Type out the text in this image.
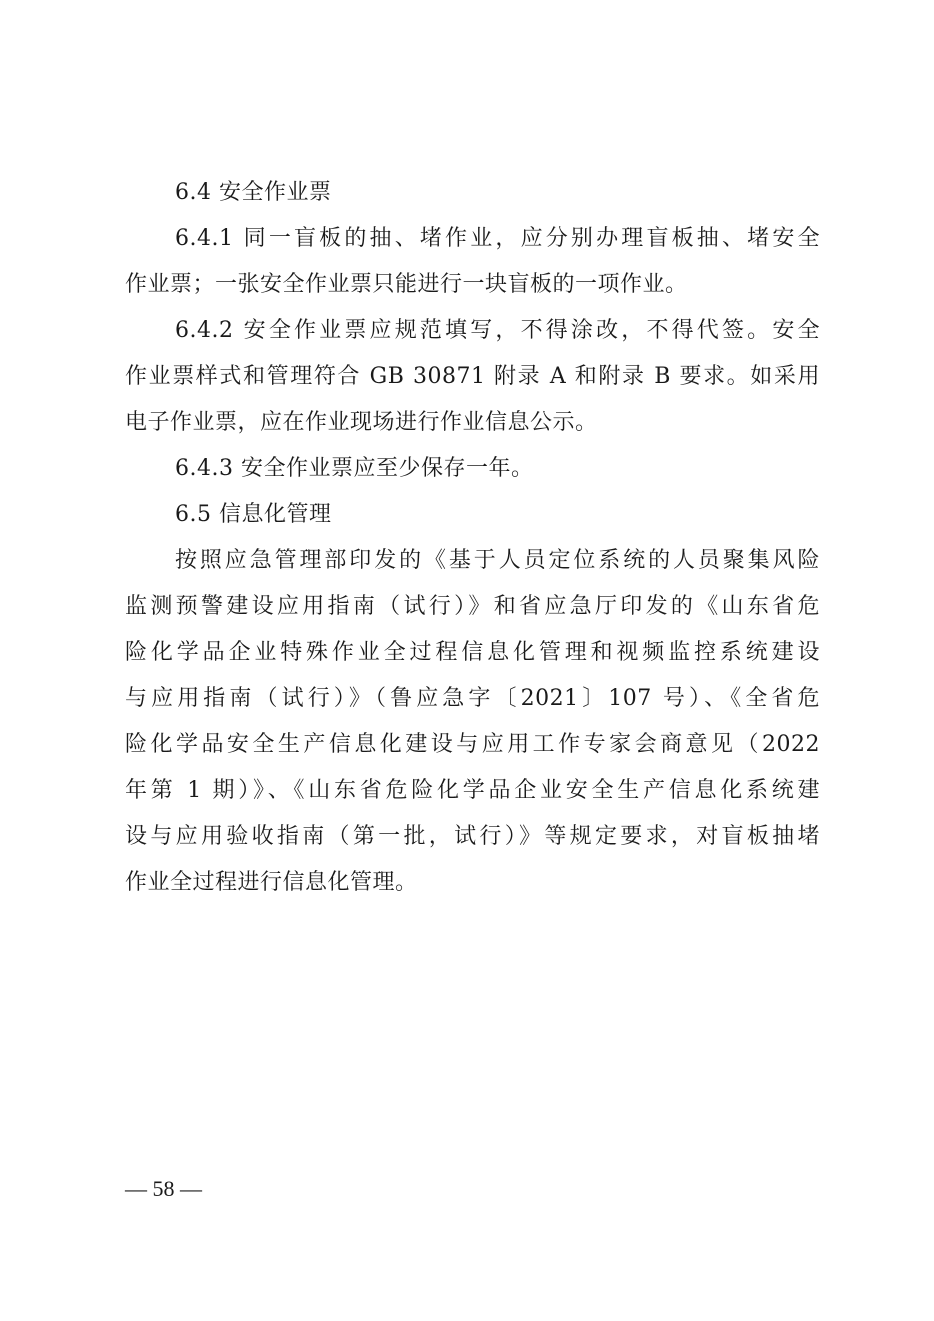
6.4 安全作业票
6.4.1 同一盲板的抽、堵作业，应分别办理盲板抽、堵安全
作业票；一张安全作业票只能进行一块盲板的一项作业。
6.4.2 安全作业票应规范填写，不得涂改，不得代签。安全
作业票样式和管理符合 GB 30871 附录 A 和附录 B 要求。如采用
电子作业票，应在作业现场进行作业信息公示。
6.4.3 安全作业票应至少保存一年。
6.5 信息化管理
按照应急管理部印发的《基于人员定位系统的人员聚集风险
监测预警建设应用指南（试行）》和省应急厅印发的《山东省危
险化学品企业特殊作业全过程信息化管理和视频监控系统建设
与应用指南（试行）》（鲁应急字〔2021〕107 号）、《全省危
险化学品安全生产信息化建设与应用工作专家会商意见（2022
年第 1 期）》、《山东省危险化学品企业安全生产信息化系统建
设与应用验收指南（第一批，试行）》等规定要求，对盲板抽堵
作业全过程进行信息化管理。
— 58 —
